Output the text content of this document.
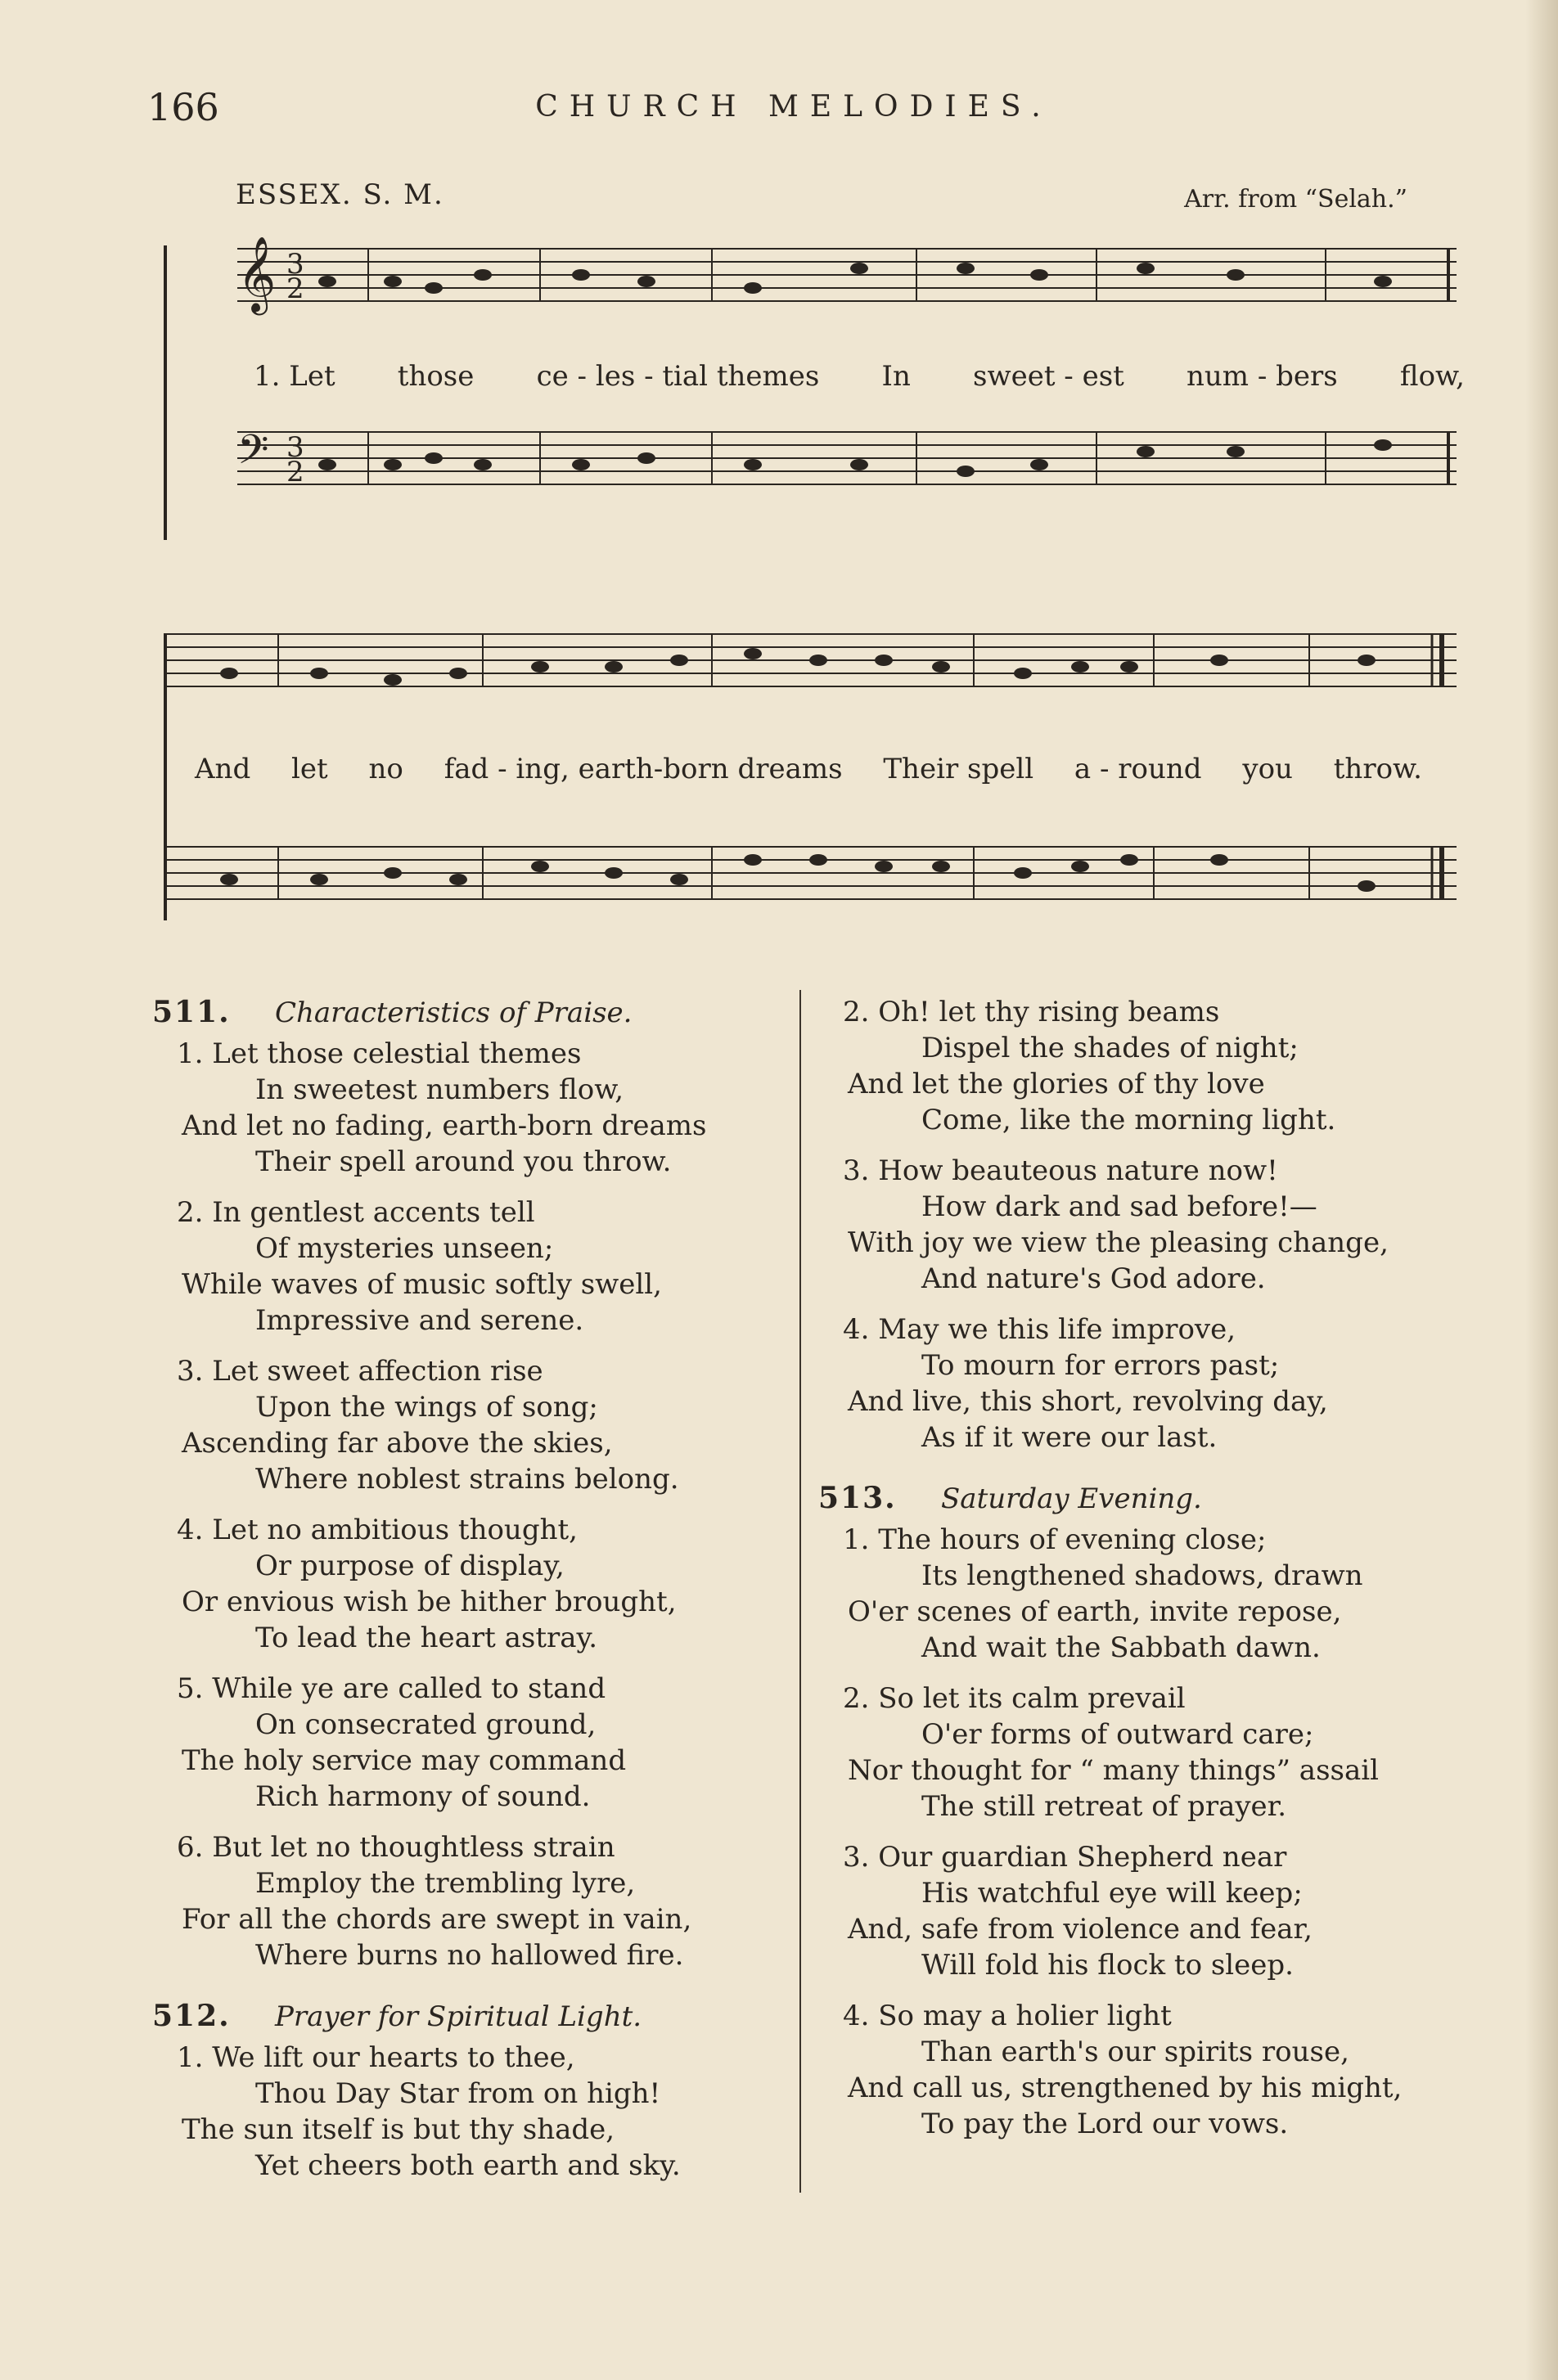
166	CHURCH MELODIES.
ESSEX. S. M.	Arr. from “Selah.”
𝄞
𝄢
3
2
3
2
1. Let those ce - les - tial themes In sweet - est num - bers flow,
And let no fad - ing, earth-born dreams Their spell a - round you throw.
511.	Characteristics of Praise.
1. Let those celestial themes
In sweetest numbers flow,
And let no fading, earth-born dreams
Their spell around you throw.
2. In gentlest accents tell
Of mysteries unseen;
While waves of music softly swell,
Impressive and serene.
3. Let sweet affection rise
Upon the wings of song;
Ascending far above the skies,
Where noblest strains belong.
4. Let no ambitious thought,
Or purpose of display,
Or envious wish be hither brought,
To lead the heart astray.
5. While ye are called to stand
On consecrated ground,
The holy service may command
Rich harmony of sound.
6. But let no thoughtless strain
Employ the trembling lyre,
For all the chords are swept in vain,
Where burns no hallowed fire.
512.	Prayer for Spiritual Light.
1. We lift our hearts to thee,
Thou Day Star from on high!
The sun itself is but thy shade,
Yet cheers both earth and sky.
2. Oh! let thy rising beams
Dispel the shades of night;
And let the glories of thy love
Come, like the morning light.
3. How beauteous nature now!
How dark and sad before!—
With joy we view the pleasing change,
And nature's God adore.
4. May we this life improve,
To mourn for errors past;
And live, this short, revolving day,
As if it were our last.
513.	Saturday Evening.
1. The hours of evening close;
Its lengthened shadows, drawn
O'er scenes of earth, invite repose,
And wait the Sabbath dawn.
2. So let its calm prevail
O'er forms of outward care;
Nor thought for “ many things” assail
The still retreat of prayer.
3. Our guardian Shepherd near
His watchful eye will keep;
And, safe from violence and fear,
Will fold his flock to sleep.
4. So may a holier light
Than earth's our spirits rouse,
And call us, strengthened by his might,
To pay the Lord our vows.
